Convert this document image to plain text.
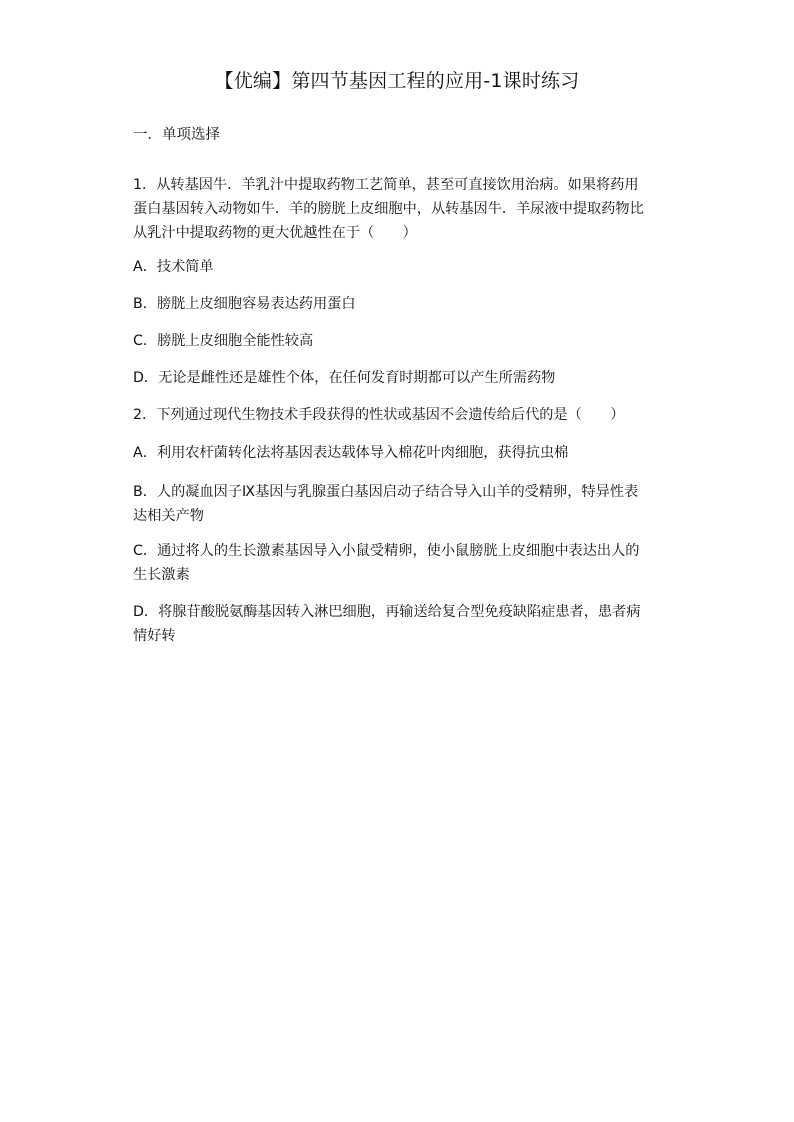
【优编】第四节基因工程的应用-1课时练习
一．单项选择
1．从转基因牛．羊乳汁中提取药物工艺简单，甚至可直接饮用治病。如果将药用
蛋白基因转入动物如牛．羊的膀胱上皮细胞中，从转基因牛．羊尿液中提取药物比
从乳汁中提取药物的更大优越性在于（　　）
A．技术简单
B．膀胱上皮细胞容易表达药用蛋白
C．膀胱上皮细胞全能性较高
D．无论是雌性还是雄性个体，在任何发育时期都可以产生所需药物
2．下列通过现代生物技术手段获得的性状或基因不会遗传给后代的是（　　）
A．利用农杆菌转化法将基因表达载体导入棉花叶肉细胞，获得抗虫棉
B．人的凝血因子Ⅸ基因与乳腺蛋白基因启动子结合导入山羊的受精卵，特异性表
达相关产物
C．通过将人的生长激素基因导入小鼠受精卵，使小鼠膀胱上皮细胞中表达出人的
生长激素
D．将腺苷酸脱氨酶基因转入淋巴细胞，再输送给复合型免疫缺陷症患者，患者病
情好转
